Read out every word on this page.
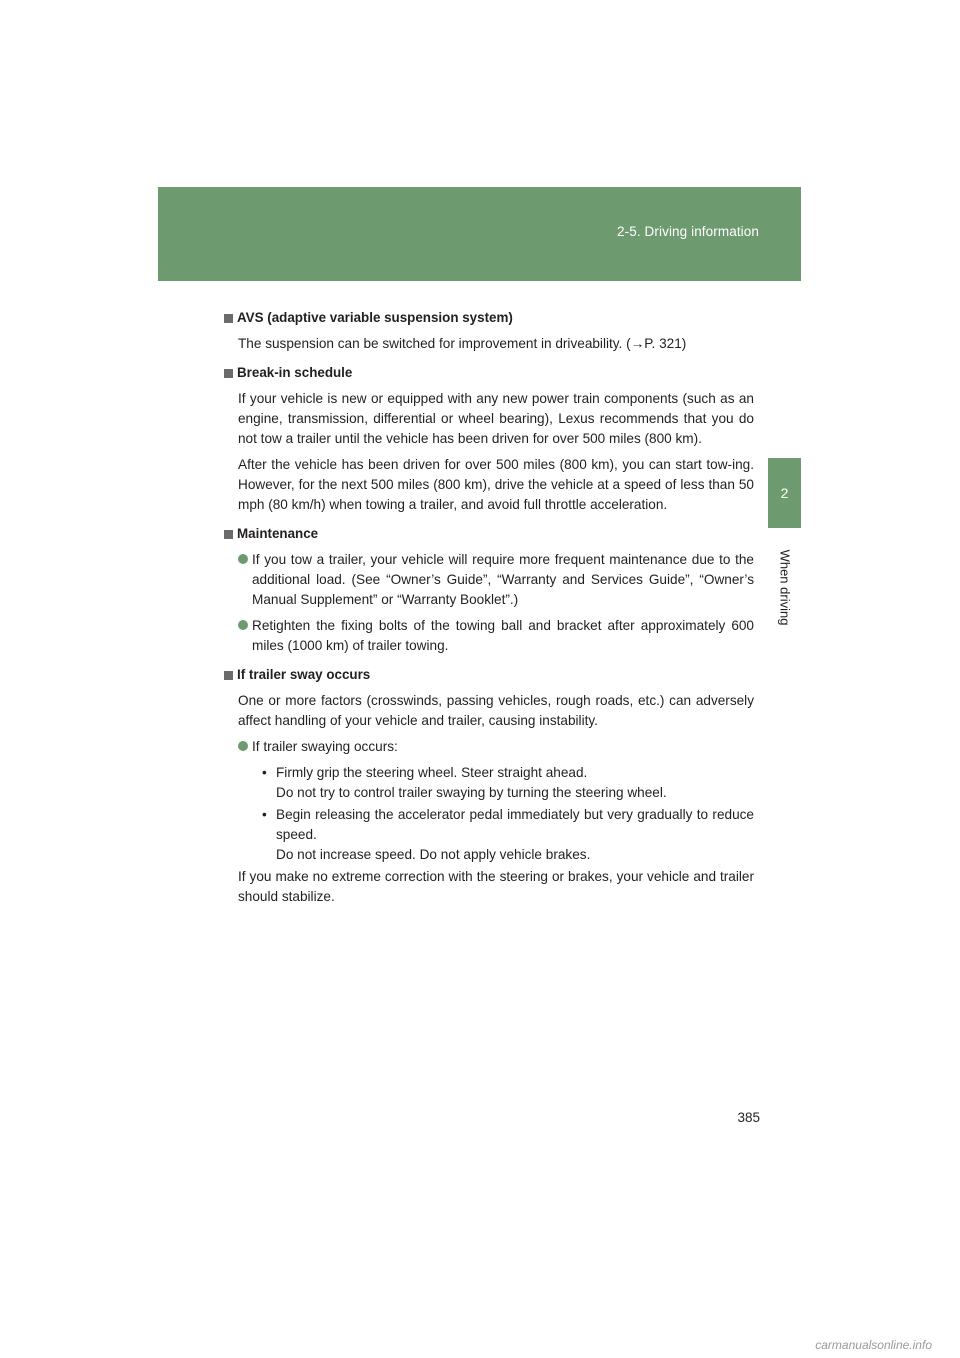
2-5. Driving information
2
When driving
AVS (adaptive variable suspension system)
The suspension can be switched for improvement in driveability. (→P. 321)
Break-in schedule
If your vehicle is new or equipped with any new power train components (such as an engine, transmission, differential or wheel bearing), Lexus recommends that you do not tow a trailer until the vehicle has been driven for over 500 miles (800 km).
After the vehicle has been driven for over 500 miles (800 km), you can start tow-ing. However, for the next 500 miles (800 km), drive the vehicle at a speed of less than 50 mph (80 km/h) when towing a trailer, and avoid full throttle acceleration.
Maintenance
If you tow a trailer, your vehicle will require more frequent maintenance due to the additional load. (See “Owner’s Guide”, “Warranty and Services Guide”, “Owner’s Manual Supplement” or “Warranty Booklet”.)
Retighten the fixing bolts of the towing ball and bracket after approximately 600 miles (1000 km) of trailer towing.
If trailer sway occurs
One or more factors (crosswinds, passing vehicles, rough roads, etc.) can adversely affect handling of your vehicle and trailer, causing instability.
If trailer swaying occurs:
• Firmly grip the steering wheel. Steer straight ahead.
Do not try to control trailer swaying by turning the steering wheel.
• Begin releasing the accelerator pedal immediately but very gradually to reduce speed.
Do not increase speed. Do not apply vehicle brakes.
If you make no extreme correction with the steering or brakes, your vehicle and trailer should stabilize.
385
carmanualsonline.info
